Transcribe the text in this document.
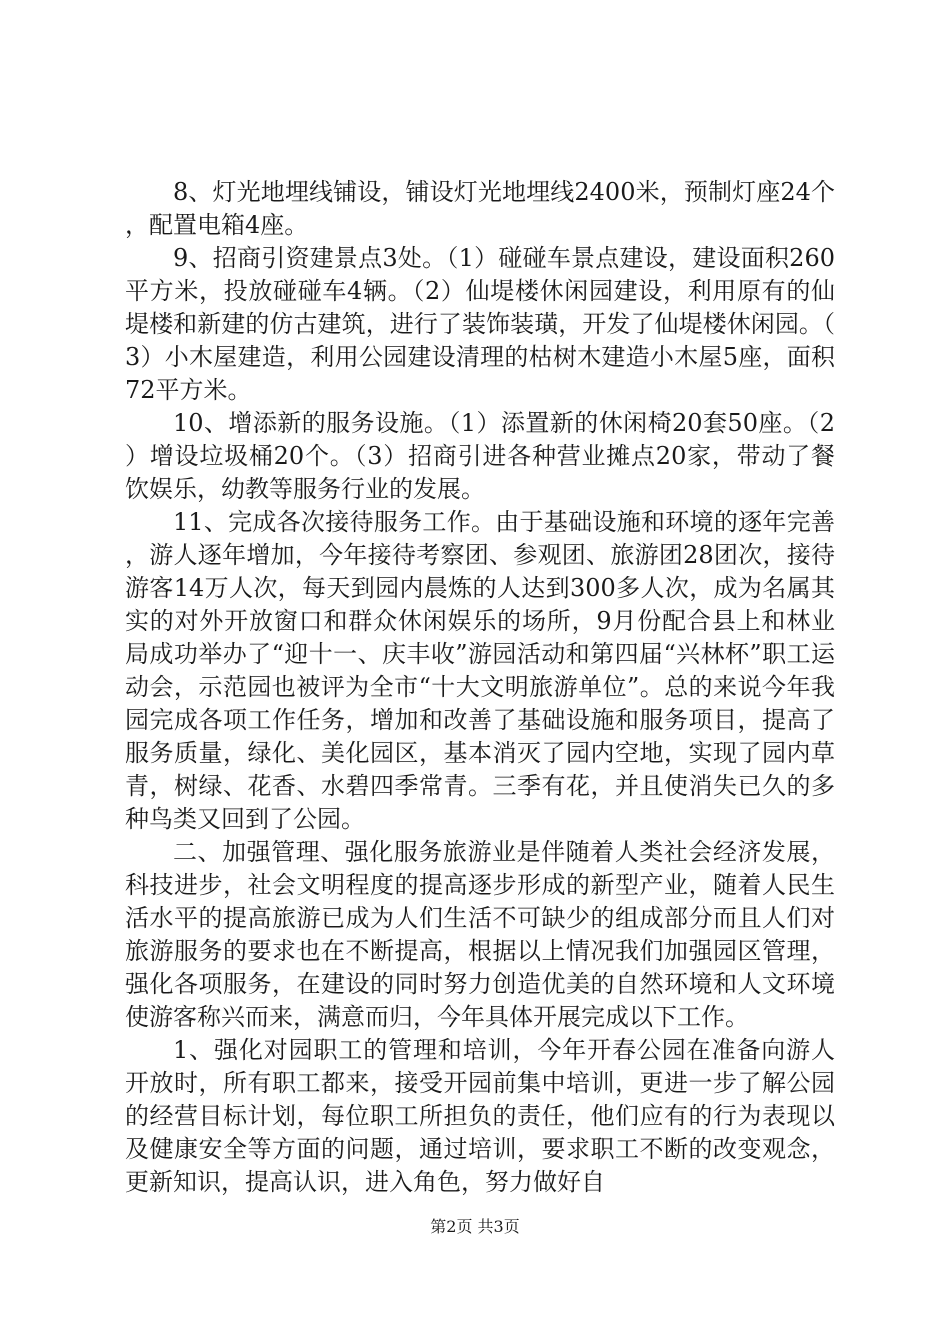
8、灯光地埋线铺设，铺设灯光地埋线2400米，预制灯座24个，配置电箱4座。

9、招商引资建景点3处。（1）碰碰车景点建设，建设面积260平方米，投放碰碰车4辆。（2）仙堤楼休闲园建设，利用原有的仙堤楼和新建的仿古建筑，进行了装饰装璜，开发了仙堤楼休闲园。（3）小木屋建造，利用公园建设清理的枯树木建造小木屋5座，面积72平方米。

10、增添新的服务设施。（1）添置新的休闲椅20套50座。（2）增设垃圾桶20个。（3）招商引进各种营业摊点20家，带动了餐饮娱乐，幼教等服务行业的发展。

11、完成各次接待服务工作。由于基础设施和环境的逐年完善，游人逐年增加，今年接待考察团、参观团、旅游团28团次，接待游客14万人次，每天到园内晨炼的人达到300多人次，成为名属其实的对外开放窗口和群众休闲娱乐的场所，9月份配合县上和林业局成功举办了“迎十一、庆丰收”游园活动和第四届“兴林杯”职工运动会，示范园也被评为全市“十大文明旅游单位”。总的来说今年我园完成各项工作任务，增加和改善了基础设施和服务项目，提高了服务质量，绿化、美化园区，基本消灭了园内空地，实现了园内草青，树绿、花香、水碧四季常青。三季有花，并且使消失已久的多种鸟类又回到了公园。

二、加强管理、强化服务旅游业是伴随着人类社会经济发展，科技进步，社会文明程度的提高逐步形成的新型产业，随着人民生活水平的提高旅游已成为人们生活不可缺少的组成部分而且人们对旅游服务的要求也在不断提高，根据以上情况我们加强园区管理，强化各项服务，在建设的同时努力创造优美的自然环境和人文环境使游客称兴而来，满意而归，今年具体开展完成以下工作。

1、强化对园职工的管理和培训，今年开春公园在准备向游人开放时，所有职工都来，接受开园前集中培训，更进一步了解公园的经营目标计划，每位职工所担负的责任，他们应有的行为表现以及健康安全等方面的问题，通过培训，要求职工不断的改变观念，更新知识，提高认识，进入角色，努力做好自

第2页 共3页
